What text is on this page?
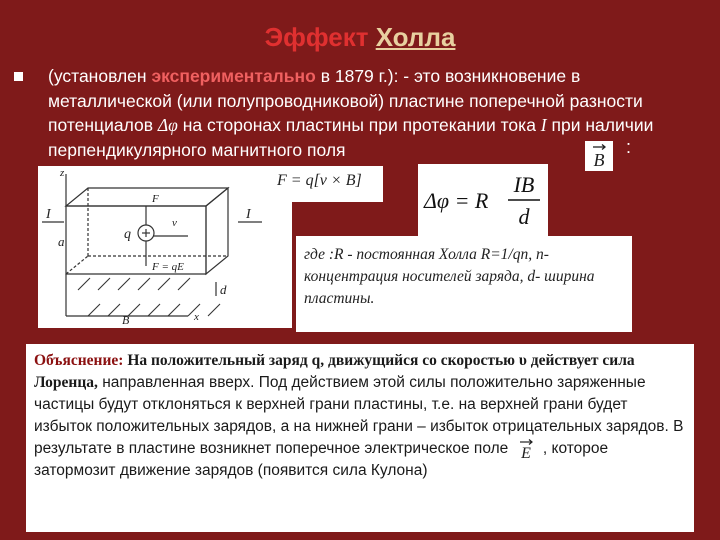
Эффект Холла
(установлен экспериментально в 1879 г.): - это возникновение в металлической (или полупроводниковой) пластине поперечной разности потенциалов Δφ на сторонах пластины при протекании тока I при наличии перпендикулярного магнитного поля
B
:
z
x
I	I
q
a
d
B
F
v
F = qE
F = q[v × B]
Δφ = R
IB
d
где :R - постоянная Холла R=1/qn, n- концентрация носителей заряда, d- ширина пластины.
Объяснение: На положительный заряд q, движущийся со скоростью υ действует сила Лоренца, направленная вверх. Под действием этой силы положительно заряженные частицы будут отклоняться к верхней грани пластины, т.е. на верхней грани будет избыток положительных зарядов, а на нижней грани – избыток отрицательных зарядов. В результате в пластине возникнет поперечное электрическое поле E , которое затормозит движение зарядов (появится сила Кулона)
